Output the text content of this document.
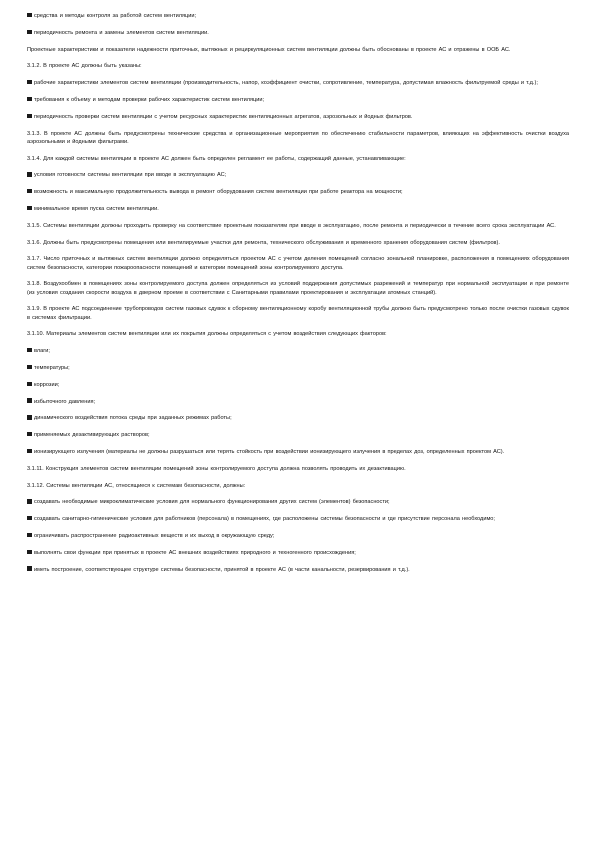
средства и методы контроля за работой систем вентиляции;
периодичность ремонта и замены элементов систем вентиляции.
Проектные характеристики и показатели надежности приточных, вытяжных и рециркуляционных систем вентиляции должны быть обоснованы в проекте АС и отражены в ООБ АС.
3.1.2. В проекте АС должны быть указаны:
рабочие характеристики элементов систем вентиляции (производительность, напор, коэффициент очистки, сопротивление, температура, допустимая влажность фильтруемой среды и т.д.);
требования к объему и методам проверки рабочих характеристик систем вентиляции;
периодичность проверки систем вентиляции с учетом ресурсных характеристик вентиляционных агрегатов, аэрозольных и йодных фильтров.
3.1.3. В проекте АС должны быть предусмотрены технические средства и организационные мероприятия по обеспечению стабильности параметров, влияющих на эффективность очистки воздуха аэрозольными и йодными фильтрами.
3.1.4. Для каждой системы вентиляции в проекте АС должен быть определен регламент ее работы, содержащий данные, устанавливающие:
условия готовности системы вентиляции при вводе в эксплуатацию АС;
возможность и максимальную продолжительность вывода в ремонт оборудования систем вентиляции при работе реактора на мощности;
минимальное время пуска систем вентиляции.
3.1.5. Системы вентиляции должны проходить проверку на соответствие проектным показателям при вводе в эксплуатацию, после ремонта и периодически в течение всего срока эксплуатации АС.
3.1.6. Должны быть предусмотрены помещения или вентилируемые участки для ремонта, технического обслуживания и временного хранения оборудования систем (фильтров).
3.1.7. Число приточных и вытяжных систем вентиляции должно определяться проектом АС с учетом деления помещений согласно зональной планировке, расположения в помещениях оборудования систем безопасности, категории пожароопасности помещений и категории помещений зоны контролируемого доступа.
3.1.8. Воздухообмен в помещениях зоны контролируемого доступа должен определяться из условий поддержания допустимых разрежений и температур при нормальной эксплуатации и при ремонте (из условия создания скорости воздуха в дверном проеме в соответствии с Санитарными правилами проектирования и эксплуатации атомных станций).
3.1.9. В проекте АС подсоединение трубопроводов систем газовых сдувок к сборному вентиляционному коробу вентиляционной трубы должно быть предусмотрено только после очистки газовых сдувок в системах фильтрации.
3.1.10. Материалы элементов систем вентиляции или их покрытия должны определяться с учетом воздействия следующих факторов:
влаги;
температуры;
коррозии;
избыточного давления;
динамического воздействия потока среды при заданных режимах работы;
применяемых дезактивирующих растворов;
ионизирующего излучения (материалы не должны разрушаться или терять стойкость при воздействии ионизирующего излучения в пределах доз, определенных проектом АС).
3.1.11. Конструкция элементов систем вентиляции помещений зоны контролируемого доступа должна позволять проводить их дезактивацию.
3.1.12. Системы вентиляции АС, относящиеся к системам безопасности, должны:
создавать необходимые микроклиматические условия для нормального функционирования других систем (элементов) безопасности;
создавать санитарно-гигиенические условия для работников (персонала) в помещениях, где расположены системы безопасности и где присутствие персонала необходимо;
ограничивать распространение радиоактивных веществ и их выход в окружающую среду;
выполнять свои функции при принятых в проекте АС внешних воздействиях природного и техногенного происхождения;
иметь построение, соответствующее структуре системы безопасности, принятой в проекте АС (в части канальности, резервирования и т.д.).
